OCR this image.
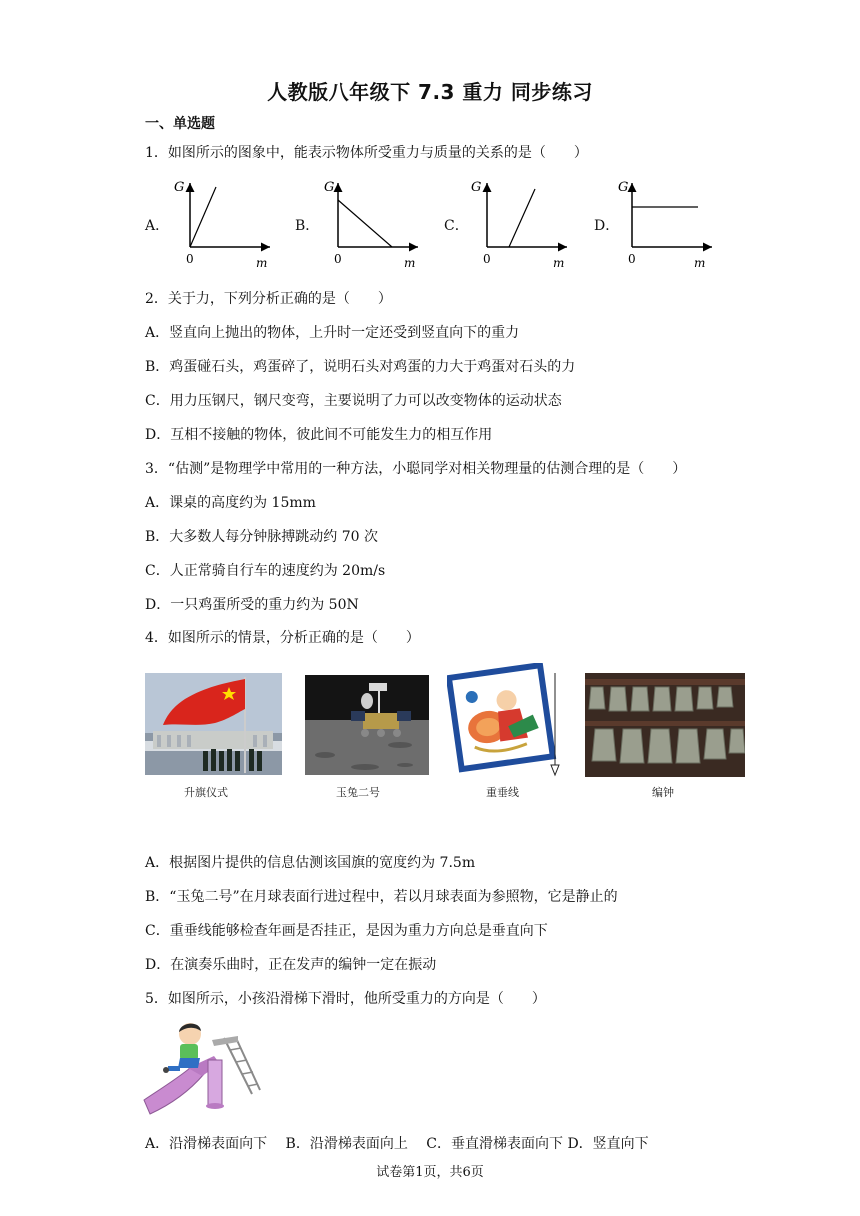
人教版八年级下 7.3 重力 同步练习
一、单选题
1．如图所示的图象中，能表示物体所受重力与质量的关系的是（　　）
A．
G
0	m
B．
G
0	m
C．
G
0	m
D．
G
0	m
2．关于力，下列分析正确的是（　　）
A．竖直向上抛出的物体，上升时一定还受到竖直向下的重力
B．鸡蛋碰石头，鸡蛋碎了，说明石头对鸡蛋的力大于鸡蛋对石头的力
C．用力压钢尺，钢尺变弯，主要说明了力可以改变物体的运动状态
D．互相不接触的物体，彼此间不可能发生力的相互作用
3．“估测”是物理学中常用的一种方法，小聪同学对相关物理量的估测合理的是（　　）
A．课桌的高度约为 15mm
B．大多数人每分钟脉搏跳动约 70 次
C．人正常骑自行车的速度约为 20m/s
D．一只鸡蛋所受的重力约为 50N
4．如图所示的情景，分析正确的是（　　）
升旗仪式	玉兔二号	重垂线	编钟
A．根据图片提供的信息估测该国旗的宽度约为 7.5m
B．“玉兔二号”在月球表面行进过程中，若以月球表面为参照物，它是静止的
C．重垂线能够检查年画是否挂正，是因为重力方向总是垂直向下
D．在演奏乐曲时，正在发声的编钟一定在振动
5．如图所示，小孩沿滑梯下滑时，他所受重力的方向是（　　）
A．沿滑梯表面向下　 B．沿滑梯表面向上　 C．垂直滑梯表面向下 D．竖直向下
试卷第1页，共6页
